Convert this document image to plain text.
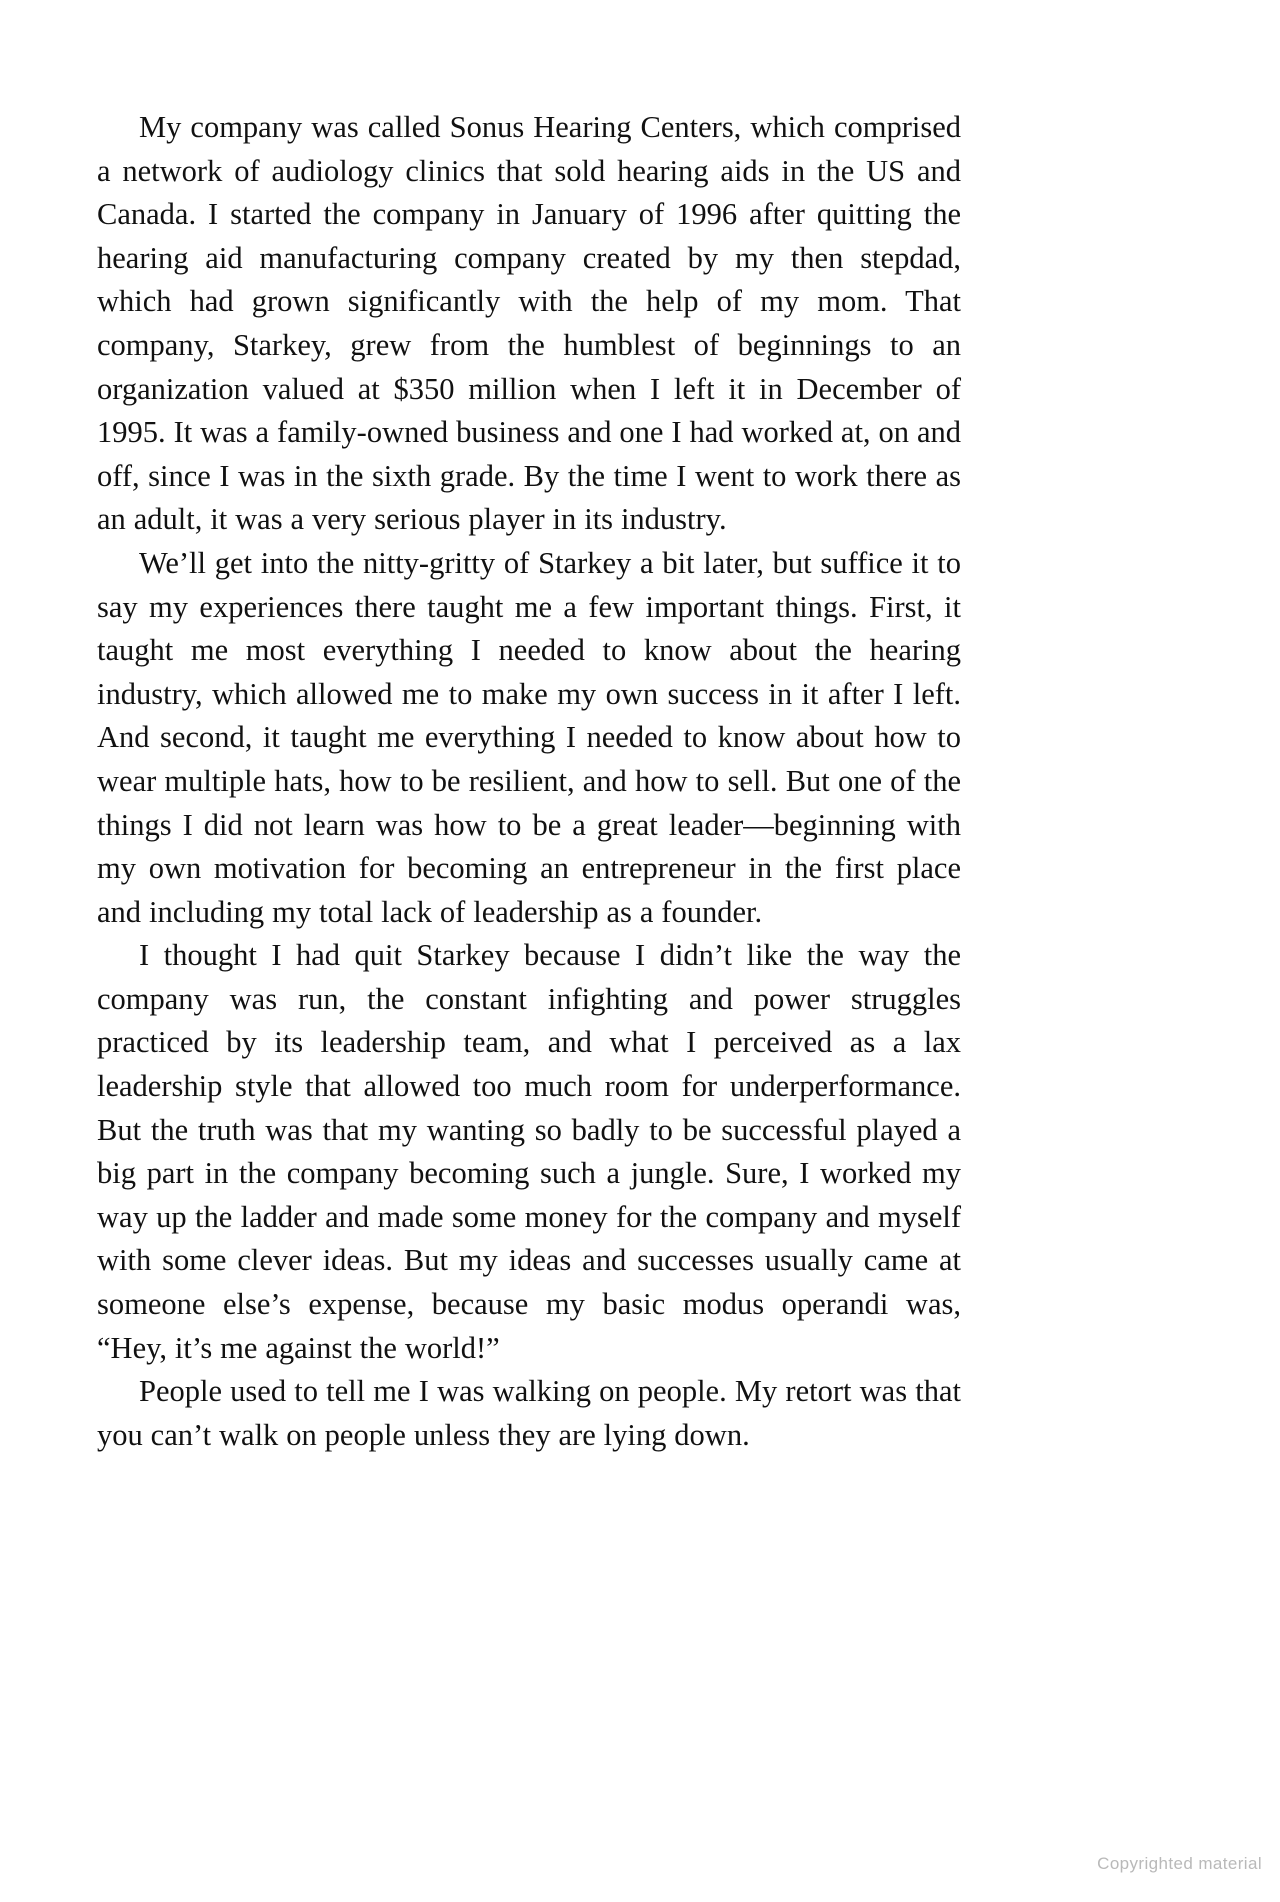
My company was called Sonus Hearing Centers, which comprised a network of audiology clinics that sold hearing aids in the US and Canada. I started the company in January of 1996 after quitting the hearing aid manufacturing company created by my then stepdad, which had grown significantly with the help of my mom. That company, Starkey, grew from the humblest of beginnings to an organization valued at $350 million when I left it in December of 1995. It was a family-owned business and one I had worked at, on and off, since I was in the sixth grade. By the time I went to work there as an adult, it was a very serious player in its industry.

We’ll get into the nitty-gritty of Starkey a bit later, but suffice it to say my experiences there taught me a few important things. First, it taught me most everything I needed to know about the hearing industry, which allowed me to make my own success in it after I left. And second, it taught me everything I needed to know about how to wear multiple hats, how to be resilient, and how to sell. But one of the things I did not learn was how to be a great leader—beginning with my own motivation for becoming an entrepreneur in the first place and including my total lack of leadership as a founder.

I thought I had quit Starkey because I didn’t like the way the company was run, the constant infighting and power struggles practiced by its leadership team, and what I perceived as a lax leadership style that allowed too much room for underperformance. But the truth was that my wanting so badly to be successful played a big part in the company becoming such a jungle. Sure, I worked my way up the ladder and made some money for the company and myself with some clever ideas. But my ideas and successes usually came at someone else’s expense, because my basic modus operandi was, “Hey, it’s me against the world!”

People used to tell me I was walking on people. My retort was that you can’t walk on people unless they are lying down.

Copyrighted material
